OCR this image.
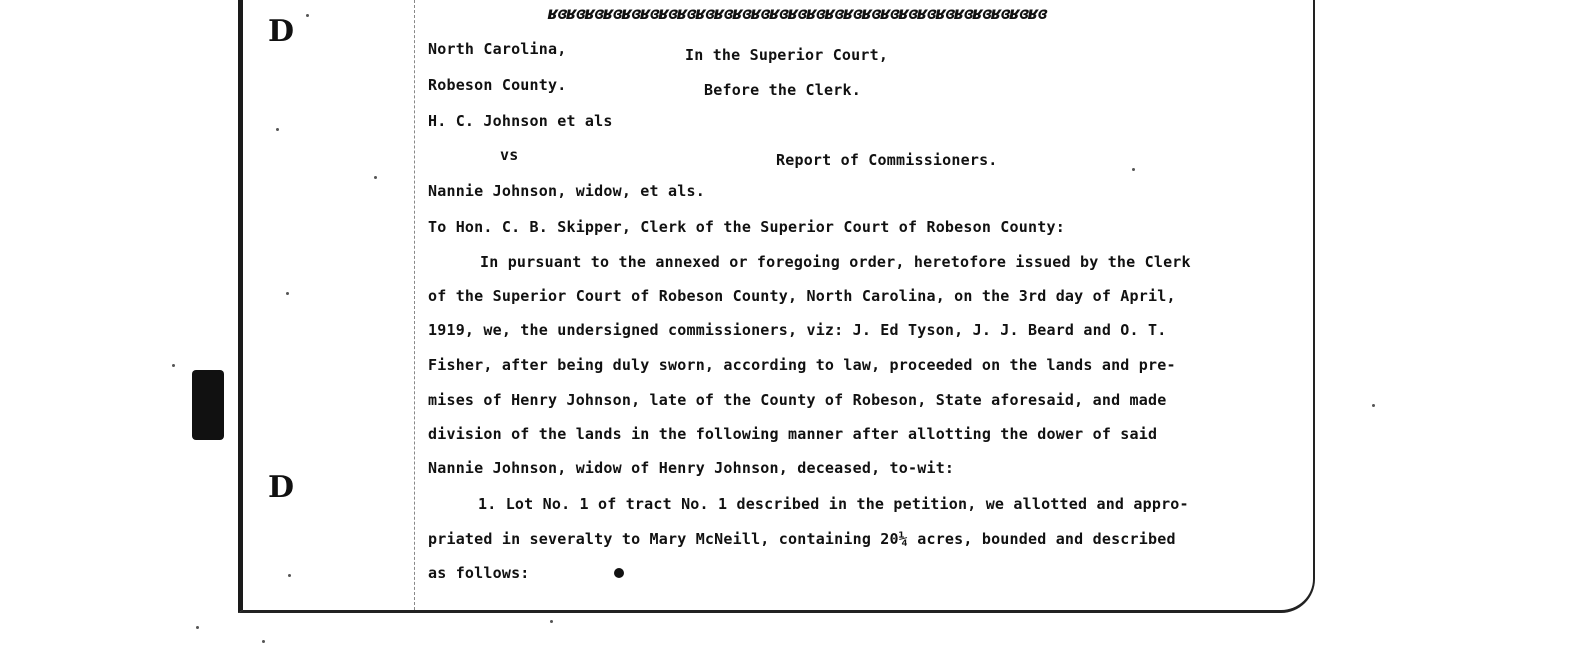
D
D
ʁɞʁɞʁɞʁɞʁɞʁɞʁɞʁɞʁɞʁɞʁɞʁɞʁɞʁɞʁɞʁɞʁɞʁɞʁɞʁɞʁɞʁɞʁɞʁɞʁɞʁɞʁɞ
North Carolina,	In the Superior Court,
Robeson County.	Before the Clerk.
H. C. Johnson et als
vs	Report of Commissioners.
Nannie Johnson, widow, et als.
To Hon. C. B. Skipper, Clerk of the Superior Court of Robeson County:
In pursuant to the annexed or foregoing order, heretofore issued by the Clerk
of the Superior Court of Robeson County, North Carolina, on the 3rd day of April,
1919, we, the undersigned commissioners, viz: J. Ed Tyson, J. J. Beard and O. T.
Fisher, after being duly sworn, according to law, proceeded on the lands and pre-
mises of Henry Johnson, late of the County of Robeson, State aforesaid, and made
division of the lands in the following manner after allotting the dower of said
Nannie Johnson, widow of Henry Johnson, deceased, to-wit:
1. Lot No. 1 of tract No. 1 described in the petition, we allotted and appro-
priated in severalty to Mary McNeill, containing 20¼ acres, bounded and described
as follows:
